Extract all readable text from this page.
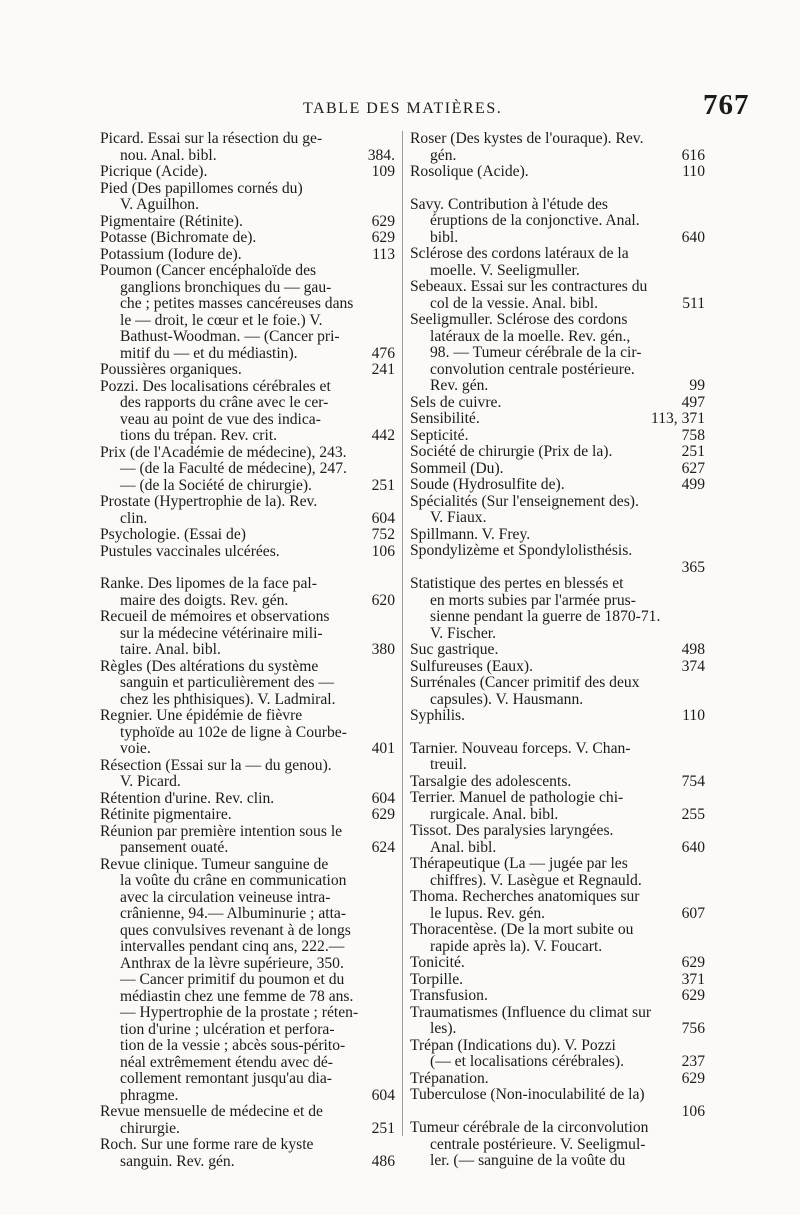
TABLE DES MATIÈRES.	767
Picard. Essai sur la résection du ge-
nou. Anal. bibl.	384.
Picrique (Acide).	109
Pied (Des papillomes cornés du)
V. Aguilhon.
Pigmentaire (Rétinite).	629
Potasse (Bichromate de).	629
Potassium (Iodure de).	113
Poumon (Cancer encéphaloïde des
ganglions bronchiques du — gau-
che ; petites masses cancéreuses dans
le — droit, le cœur et le foie.) V.
Bathust-Woodman. — (Cancer pri-
mitif du — et du médiastin).	476
Poussières organiques.	241
Pozzi. Des localisations cérébrales et
des rapports du crâne avec le cer-
veau au point de vue des indica-
tions du trépan. Rev. crit.	442
Prix (de l'Académie de médecine), 243.
— (de la Faculté de médecine), 247.
— (de la Société de chirurgie).	251
Prostate (Hypertrophie de la). Rev.
clin.	604
Psychologie. (Essai de)	752
Pustules vaccinales ulcérées.	106
Ranke. Des lipomes de la face pal-
maire des doigts. Rev. gén.	620
Recueil de mémoires et observations
sur la médecine vétérinaire mili-
taire. Anal. bibl.	380
Règles (Des altérations du système
sanguin et particulièrement des —
chez les phthisiques). V. Ladmiral.
Regnier. Une épidémie de fièvre
typhoïde au 102e de ligne à Courbe-
voie.	401
Résection (Essai sur la — du genou).
V. Picard.
Rétention d'urine. Rev. clin.	604
Rétinite pigmentaire.	629
Réunion par première intention sous le
pansement ouaté.	624
Revue clinique. Tumeur sanguine de
la voûte du crâne en communication
avec la circulation veineuse intra-
crânienne, 94.— Albuminurie ; atta-
ques convulsives revenant à de longs
intervalles pendant cinq ans, 222.—
Anthrax de la lèvre supérieure, 350.
— Cancer primitif du poumon et du
médiastin chez une femme de 78 ans.
— Hypertrophie de la prostate ; réten-
tion d'urine ; ulcération et perfora-
tion de la vessie ; abcès sous-périto-
néal extrêmement étendu avec dé-
collement remontant jusqu'au dia-
phragme.	604
Revue mensuelle de médecine et de
chirurgie.	251
Roch. Sur une forme rare de kyste
sanguin. Rev. gén.	486
Roser (Des kystes de l'ouraque). Rev.
gén.	616
Rosolique (Acide).	110
Savy. Contribution à l'étude des
éruptions de la conjonctive. Anal.
bibl.	640
Sclérose des cordons latéraux de la
moelle. V. Seeligmuller.
Sebeaux. Essai sur les contractures du
col de la vessie. Anal. bibl.	511
Seeligmuller. Sclérose des cordons
latéraux de la moelle. Rev. gén.,
98. — Tumeur cérébrale de la cir-
convolution centrale postérieure.
Rev. gén.	99
Sels de cuivre.	497
Sensibilité.	113, 371
Septicité.	758
Société de chirurgie (Prix de la).	251
Sommeil (Du).	627
Soude (Hydrosulfite de).	499
Spécialités (Sur l'enseignement des).
V. Fiaux.
Spillmann. V. Frey.
Spondylizème et Spondylolisthésis.
365
Statistique des pertes en blessés et
en morts subies par l'armée prus-
sienne pendant la guerre de 1870-71.
V. Fischer.
Suc gastrique.	498
Sulfureuses (Eaux).	374
Surrénales (Cancer primitif des deux
capsules). V. Hausmann.
Syphilis.	110
Tarnier. Nouveau forceps. V. Chan-
treuil.
Tarsalgie des adolescents.	754
Terrier. Manuel de pathologie chi-
rurgicale. Anal. bibl.	255
Tissot. Des paralysies laryngées.
Anal. bibl.	640
Thérapeutique (La — jugée par les
chiffres). V. Lasègue et Regnauld.
Thoma. Recherches anatomiques sur
le lupus. Rev. gén.	607
Thoracentèse. (De la mort subite ou
rapide après la). V. Foucart.
Tonicité.	629
Torpille.	371
Transfusion.	629
Traumatismes (Influence du climat sur
les).	756
Trépan (Indications du). V. Pozzi
(— et localisations cérébrales).	237
Trépanation.	629
Tuberculose (Non-inoculabilité de la)
106
Tumeur cérébrale de la circonvolution
centrale postérieure. V. Seeligmul-
ler. (— sanguine de la voûte du
